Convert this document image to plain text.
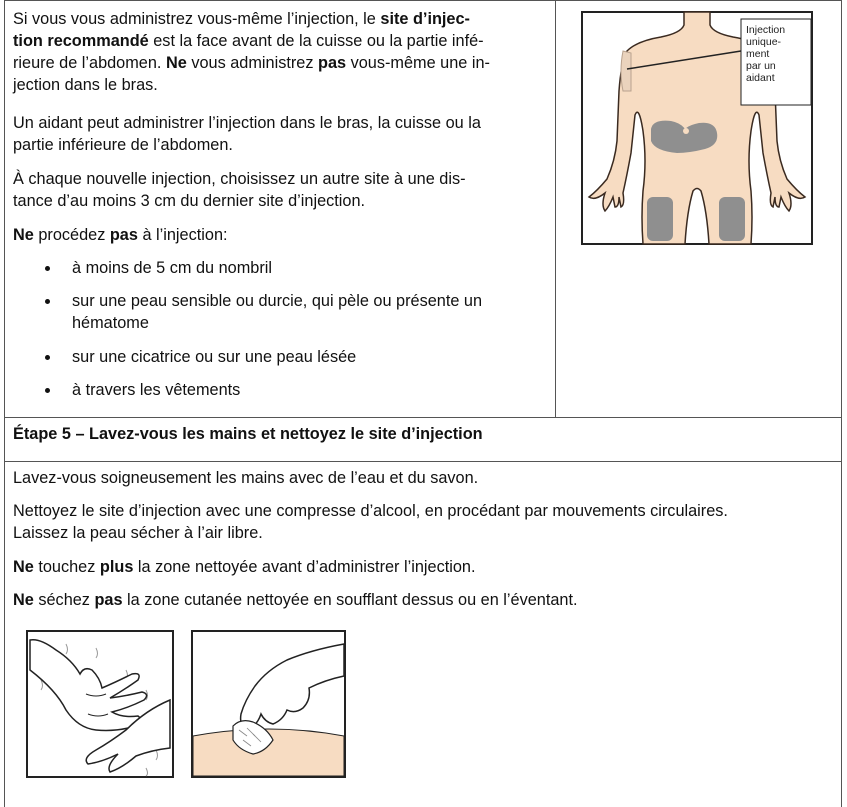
Si vous vous administrez vous-même l’injection, le site d’injec-
tion recommandé est la face avant de la cuisse ou la partie infé-
rieure de l’abdomen. Ne vous administrez pas vous-même une in-
jection dans le bras.

Un aidant peut administrer l’injection dans le bras, la cuisse ou la
partie inférieure de l’abdomen.

À chaque nouvelle injection, choisissez un autre site à une dis-
tance d’au moins 3 cm du dernier site d’injection.

Ne procédez pas à l’injection:

à moins de 5 cm du nombril
sur une peau sensible ou durcie, qui pèle ou présente un
hématome
sur une cicatrice ou sur une peau lésée
à travers les vêtements
Injection
unique-
ment
par un
aidant
Étape 5 – Lavez-vous les mains et nettoyez le site d’injection

Lavez-vous soigneusement les mains avec de l’eau et du savon.

Nettoyez le site d’injection avec une compresse d’alcool, en procédant par mouvements circulaires.
Laissez la peau sécher à l’air libre.

Ne touchez plus la zone nettoyée avant d’administrer l’injection.

Ne séchez pas la zone cutanée nettoyée en soufflant dessus ou en l’éventant.
